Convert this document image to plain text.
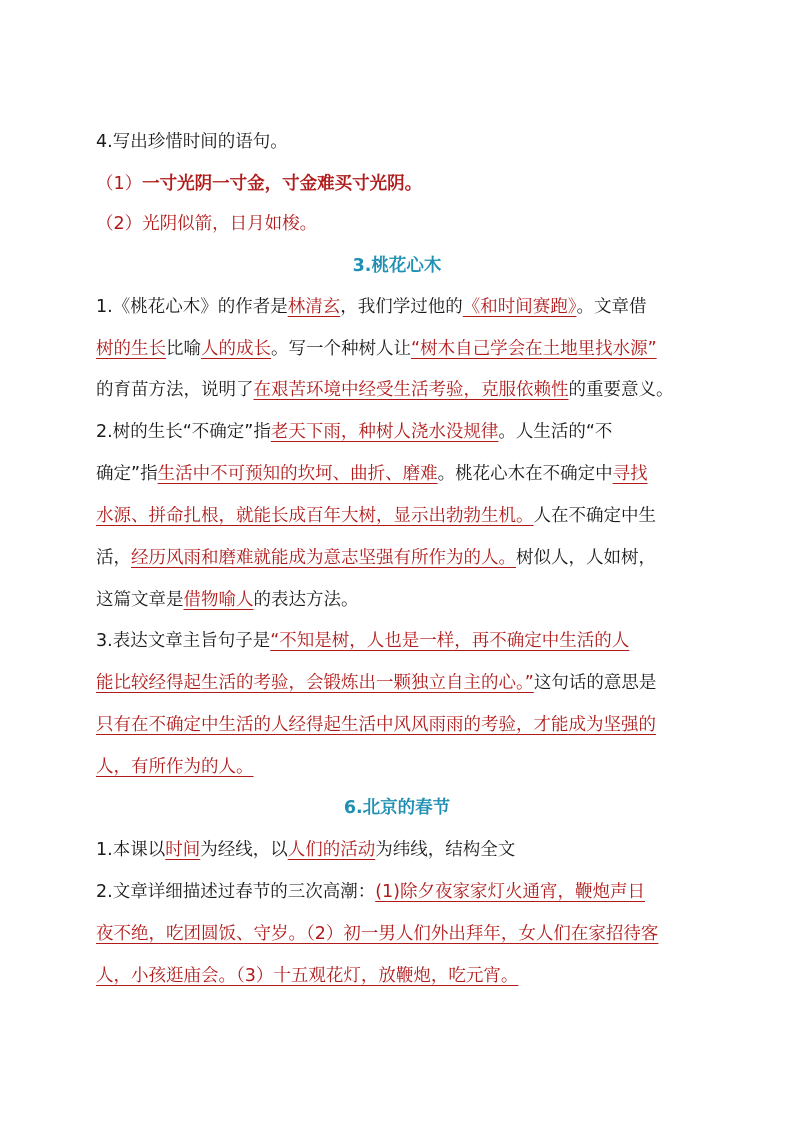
4.写出珍惜时间的语句。
（1）一寸光阴一寸金，寸金难买寸光阴。
（2）光阴似箭，日月如梭。
3.桃花心木
1.《桃花心木》的作者是林清玄，我们学过他的《和时间赛跑》。文章借
树的生长比喻人的成长。写一个种树人让“树木自己学会在土地里找水源”
的育苗方法，说明了在艰苦环境中经受生活考验，克服依赖性的重要意义。
2.树的生长“不确定”指老天下雨，种树人浇水没规律。人生活的“不
确定”指生活中不可预知的坎坷、曲折、磨难。桃花心木在不确定中寻找
水源、拼命扎根，就能长成百年大树，显示出勃勃生机。人在不确定中生
活，经历风雨和磨难就能成为意志坚强有所作为的人。树似人，人如树，
这篇文章是借物喻人的表达方法。
3.表达文章主旨句子是“不知是树，人也是一样，再不确定中生活的人
能比较经得起生活的考验，会锻炼出一颗独立自主的心。”这句话的意思是
只有在不确定中生活的人经得起生活中风风雨雨的考验，才能成为坚强的
人，有所作为的人。
6.北京的春节
1.本课以时间为经线，以人们的活动为纬线，结构全文
2.文章详细描述过春节的三次高潮：(1)除夕夜家家灯火通宵，鞭炮声日
夜不绝，吃团圆饭、守岁。（2）初一男人们外出拜年，女人们在家招待客
人，小孩逛庙会。（3）十五观花灯，放鞭炮，吃元宵。
